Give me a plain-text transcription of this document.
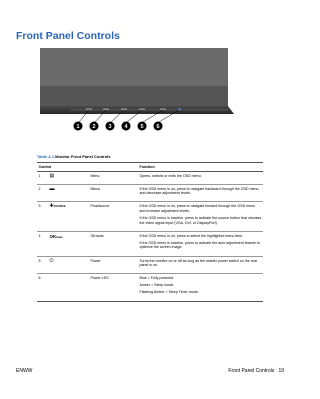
Front Panel Controls
1 2 3 4 5 6
Table 4-1 Monitor Front Panel Controls
Control			Function
1	▤	Menu	Opens, selects or exits the OSD menu.

2	▬	Minus	If the OSD menu is on, press to navigate backward through the OSD menu and decrease adjustment levels.

3	✚SOURCE	Plus/source	If the OSD menu is on, press to navigate forward through the OSD menu and increase adjustment levels.
If the OSD menu is inactive, press to activate the source button that chooses the video signal input (VGA, DVI, or DisplayPort).

4	OK/auto	OK/auto	If the OSD menu is on, press to select the highlighted menu item.
If the OSD menu is inactive, press to activate the auto adjustment feature to optimize the screen image.

5	⏻	Power	Turns the monitor on or off as long as the master power switch on the rear panel is on.

6		Power LED	Blue = Fully powered.
Amber = Sleep mode.
Flashing Amber = Sleep Timer mode.
ENWW	Front Panel Controls 19
